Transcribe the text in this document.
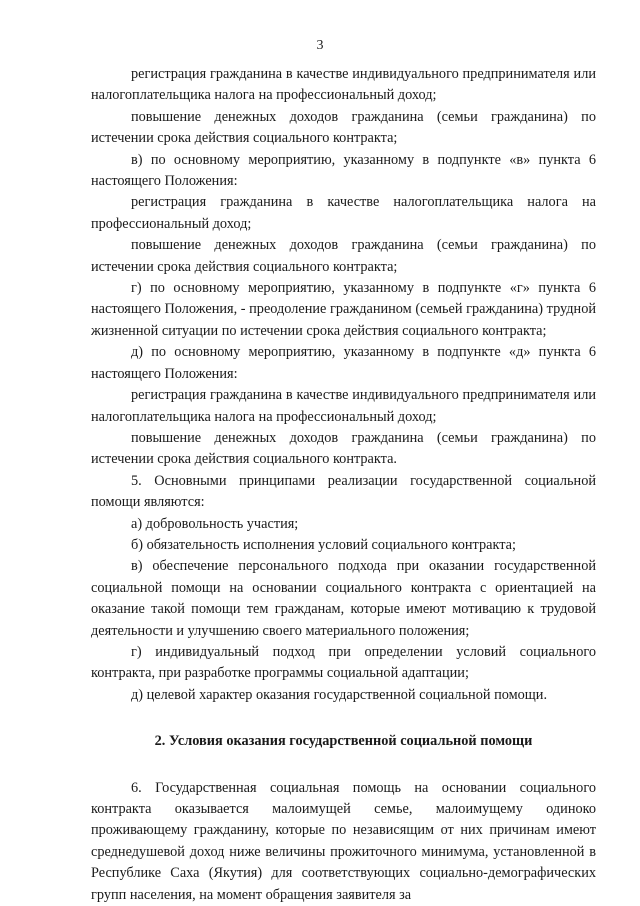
3

регистрация гражданина в качестве индивидуального предпринимателя или налогоплательщика налога на профессиональный доход;

повышение денежных доходов гражданина (семьи гражданина) по истечении срока действия социального контракта;

в) по основному мероприятию, указанному в подпункте «в» пункта 6 настоящего Положения:

регистрация гражданина в качестве налогоплательщика налога на профессиональный доход;

повышение денежных доходов гражданина (семьи гражданина) по истечении срока действия социального контракта;

г) по основному мероприятию, указанному в подпункте «г» пункта 6 настоящего Положения, - преодоление гражданином (семьей гражданина) трудной жизненной ситуации по истечении срока действия социального контракта;

д) по основному мероприятию, указанному в подпункте «д» пункта 6 настоящего Положения:

регистрация гражданина в качестве индивидуального предпринимателя или налогоплательщика налога на профессиональный доход;

повышение денежных доходов гражданина (семьи гражданина) по истечении срока действия социального контракта.

5. Основными принципами реализации государственной социальной помощи являются:

а) добровольность участия;

б) обязательность исполнения условий социального контракта;

в) обеспечение персонального подхода при оказании государственной социальной помощи на основании социального контракта с ориентацией на оказание такой помощи тем гражданам, которые имеют мотивацию к трудовой деятельности и улучшению своего материального положения;

г) индивидуальный подход при определении условий социального контракта, при разработке программы социальной адаптации;

д) целевой характер оказания государственной социальной помощи.

2. Условия оказания государственной социальной помощи

6. Государственная социальная помощь на основании социального контракта оказывается малоимущей семье, малоимущему одиноко проживающему гражданину, которые по независящим от них причинам имеют среднедушевой доход ниже величины прожиточного минимума, установленной в Республике Саха (Якутия) для соответствующих социально-демографических групп населения, на момент обращения заявителя за
